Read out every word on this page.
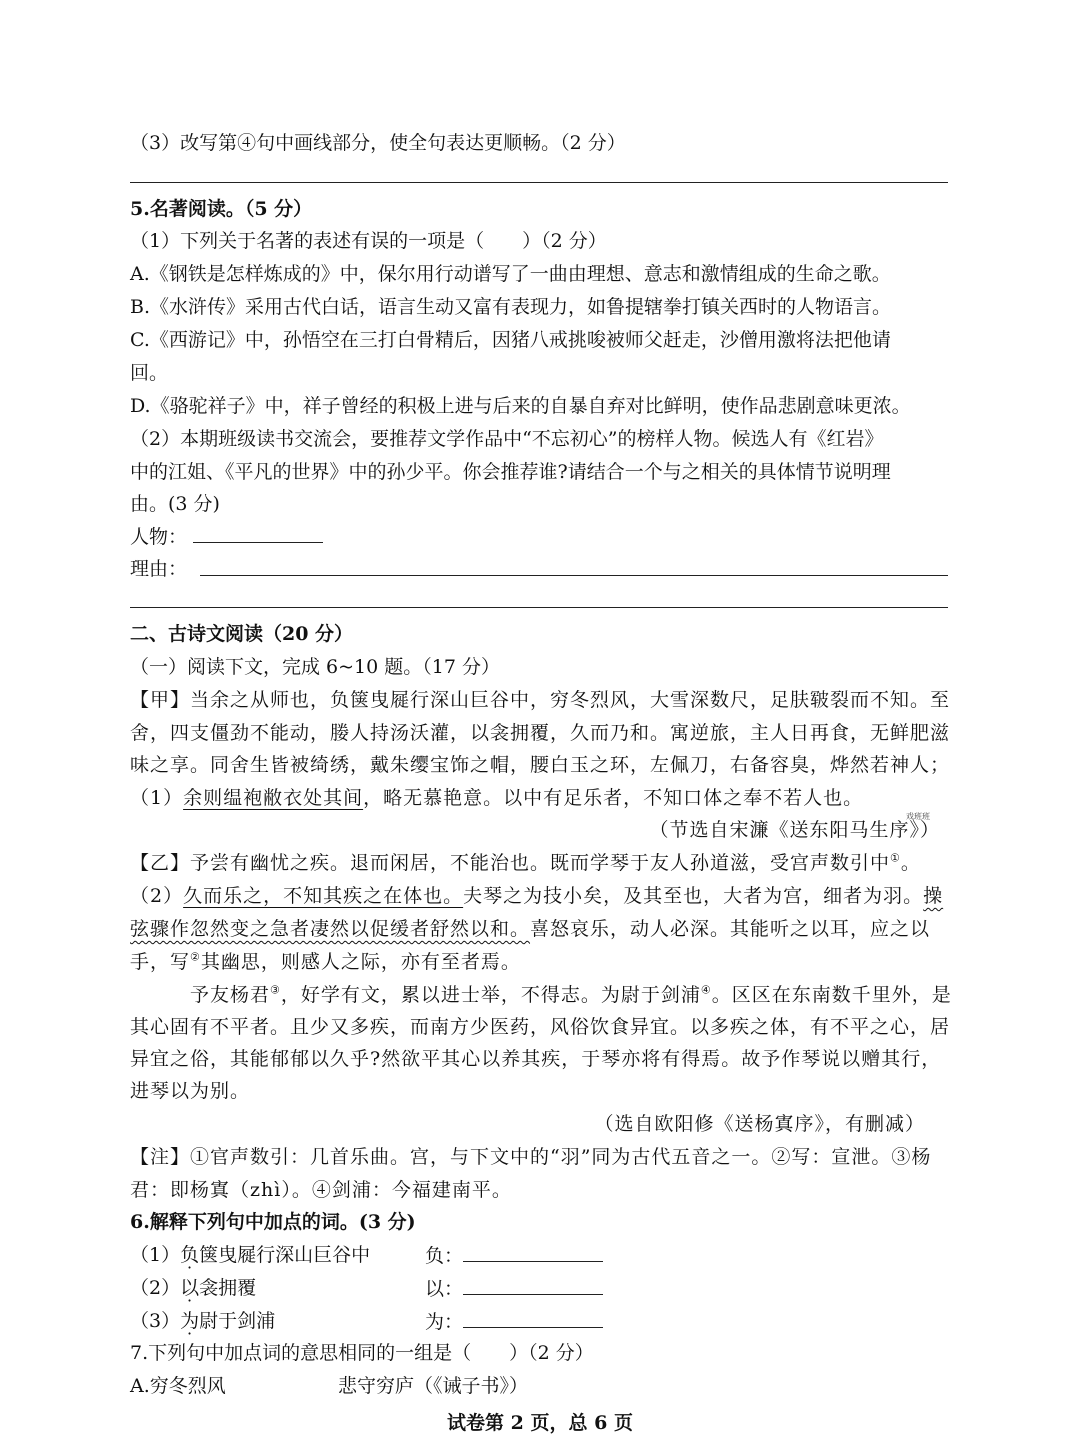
（3）改写第④句中画线部分，使全句表达更顺畅。（2 分）
5.名著阅读。（5 分）
（1）下列关于名著的表述有误的一项是（　　）（2 分）
A.《钢铁是怎样炼成的》中，保尔用行动谱写了一曲由理想、意志和激情组成的生命之歌。
B.《水浒传》采用古代白话，语言生动又富有表现力，如鲁提辖拳打镇关西时的人物语言。
C.《西游记》中，孙悟空在三打白骨精后，因猪八戒挑唆被师父赶走，沙僧用激将法把他请
回。
D.《骆驼祥子》中，祥子曾经的积极上进与后来的自暴自弃对比鲜明，使作品悲剧意味更浓。
（2）本期班级读书交流会，要推荐文学作品中“不忘初心”的榜样人物。候选人有《红岩》
中的江姐、《平凡的世界》中的孙少平。你会推荐谁?请结合一个与之相关的具体情节说明理
由。(3 分)
人物：
理由：
二、古诗文阅读（20 分）
（一）阅读下文，完成 6~10 题。（17 分）
【甲】当余之从师也，负箧曳屣行深山巨谷中，穷冬烈风，大雪深数尺，足肤皲裂而不知。至
舍，四支僵劲不能动，媵人持汤沃灌，以衾拥覆，久而乃和。寓逆旅，主人日再食，无鲜肥滋
味之享。同舍生皆被绮绣，戴朱缨宝饰之帽，腰白玉之环，左佩刀，右备容臭，烨然若神人；
（1）余则缊袍敝衣处其间，略无慕艳意。以中有足乐者，不知口体之奉不若人也。
戏班班
（节选自宋濂《送东阳马生序》）
【乙】予尝有幽忧之疾。退而闲居，不能治也。既而学琴于友人孙道滋，受宫声数引中①。
（2）久而乐之，不知其疾之在体也。夫琴之为技小矣，及其至也，大者为宫，细者为羽。操
弦骤作忽然变之急者凄然以促缓者舒然以和。喜怒哀乐，动人必深。其能听之以耳，应之以
手，写②其幽思，则感人之际，亦有至者焉。
予友杨君③，好学有文，累以进士举，不得志。为尉于剑浦④。区区在东南数千里外，是
其心固有不平者。且少又多疾，而南方少医药，风俗饮食异宜。以多疾之体，有不平之心，居
异宜之俗，其能郁郁以久乎?然欲平其心以养其疾，于琴亦将有得焉。故予作琴说以赠其行，
进琴以为别。
（选自欧阳修《送杨寘序》，有删减）
【注】①官声数引：几首乐曲。宫，与下文中的“羽”同为古代五音之一。②写：宣泄。③杨
君：即杨寘（zhì）。④剑浦：今福建南平。
6.解释下列句中加点的词。(3 分)
（1）负箧曳屣行深山巨谷中	负：
（2）以衾拥覆	以：
（3）为尉于剑浦	为：
7.下列句中加点词的意思相同的一组是（　　）（2 分）
A.穷冬烈风	悲守穷庐（《诫子书》）
试卷第 2 页，总 6 页
